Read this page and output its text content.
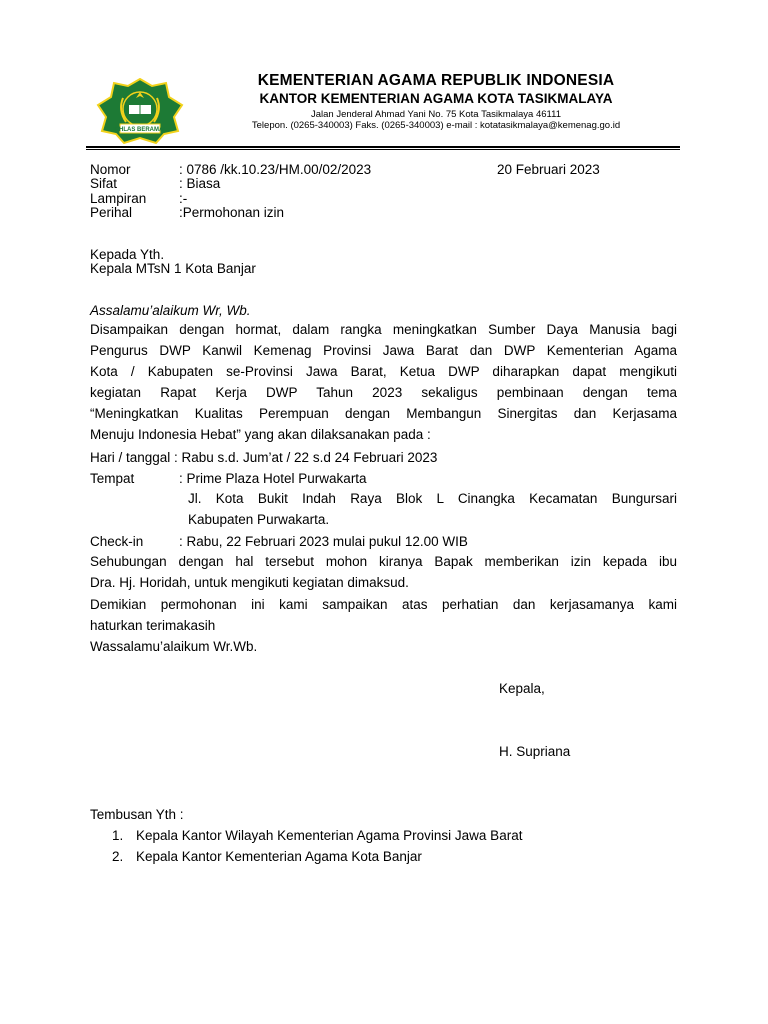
IKHLAS BERAMAL
KEMENTERIAN AGAMA REPUBLIK INDONESIA
KANTOR KEMENTERIAN AGAMA KOTA TASIKMALAYA
Jalan Jenderal Ahmad Yani No. 75 Kota Tasikmalaya 46111
Telepon. (0265-340003) Faks. (0265-340003) e-mail : kotatasikmalaya@kemenag.go.id
Nomor	: 0786 /kk.10.23/HM.00/02/2023	20 Februari 2023
Sifat	: Biasa
Lampiran :-
Perihal	:Permohonan izin
Kepada Yth.
Kepala MTsN 1 Kota Banjar
Assalamu’alaikum Wr, Wb.
Disampaikan dengan hormat, dalam rangka meningkatkan Sumber Daya Manusia bagi
Pengurus DWP Kanwil Kemenag Provinsi Jawa Barat dan DWP Kementerian Agama
Kota / Kabupaten se-Provinsi Jawa Barat, Ketua DWP diharapkan dapat mengikuti
kegiatan Rapat Kerja DWP Tahun 2023 sekaligus pembinaan dengan tema
“Meningkatkan Kualitas Perempuan dengan Membangun Sinergitas dan Kerjasama
Menuju Indonesia Hebat” yang akan dilaksanakan pada :
Hari / tanggal : Rabu s.d. Jum’at / 22 s.d 24 Februari 2023
Tempat	: Prime Plaza Hotel Purwakarta
Jl. Kota Bukit Indah Raya Blok L Cinangka Kecamatan Bungursari
Kabupaten Purwakarta.
Check-in	: Rabu, 22 Februari 2023 mulai pukul 12.00 WIB
Sehubungan dengan hal tersebut mohon kiranya Bapak memberikan izin kepada ibu
Dra. Hj. Horidah, untuk mengikuti kegiatan dimaksud.
Demikian permohonan ini kami sampaikan atas perhatian dan kerjasamanya kami
haturkan terimakasih
Wassalamu’alaikum Wr.Wb.
Kepala,
H. Supriana
Tembusan Yth :
1. Kepala Kantor Wilayah Kementerian Agama Provinsi Jawa Barat
2. Kepala Kantor Kementerian Agama Kota Banjar
